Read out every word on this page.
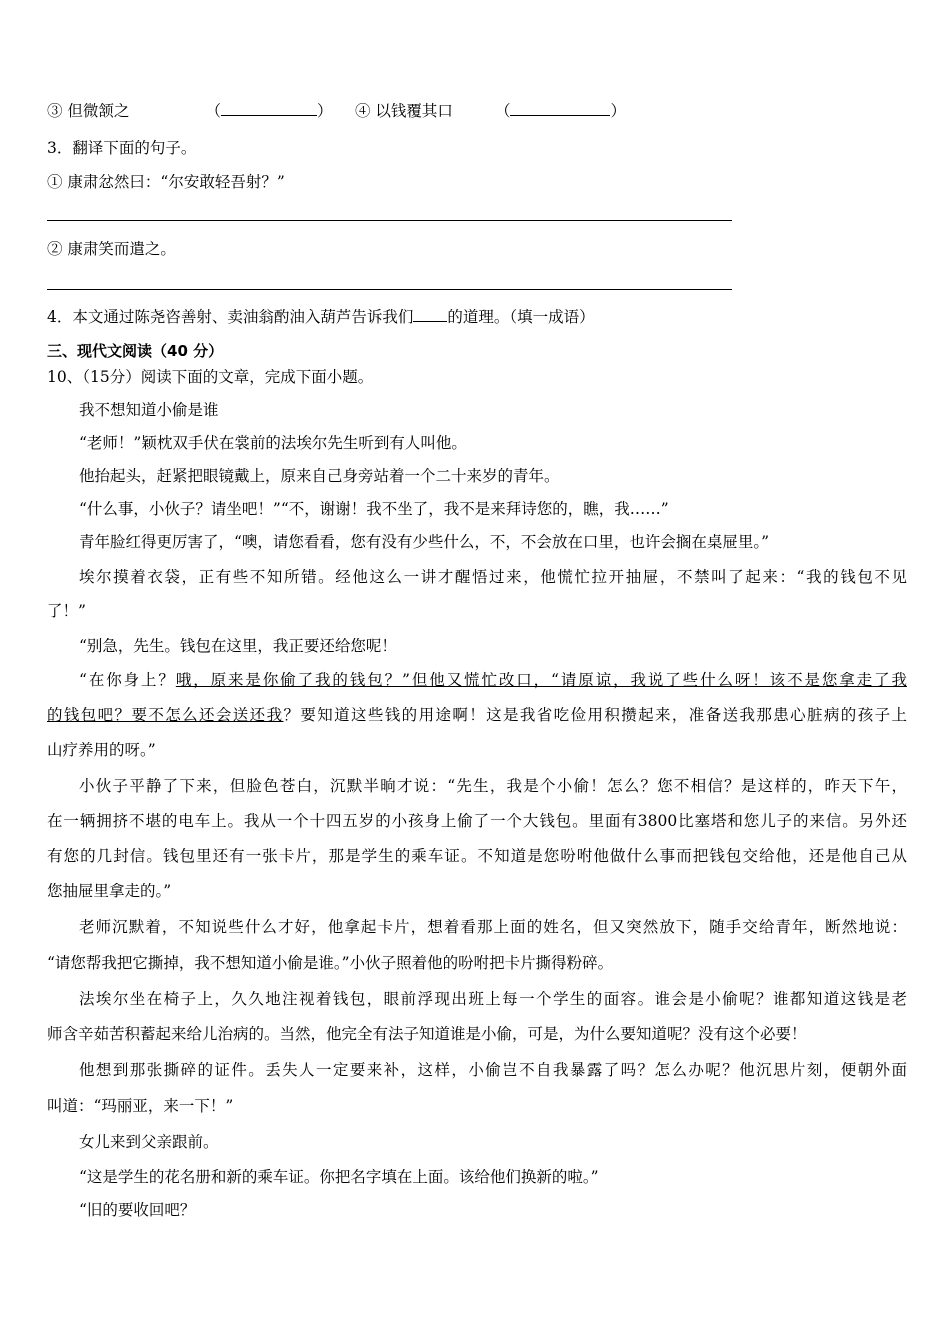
③ 但微颔之	（	） ④ 以钱覆其口	（	）
3．翻译下面的句子。
① 康肃忿然曰：“尔安敢轻吾射？”
② 康肃笑而遣之。
4．本文通过陈尧咨善射、卖油翁酌油入葫芦告诉我们 的道理。（填一成语）
三、现代文阅读（40 分）
10、（15分）阅读下面的文章，完成下面小题。
我不想知道小偷是谁
“老师！”颖枕双手伏在裳前的法埃尔先生听到有人叫他。
他抬起头，赶紧把眼镜戴上，原来自己身旁站着一个二十来岁的青年。
“什么事，小伙子？请坐吧！”“不，谢谢！我不坐了，我不是来拜诗您的，瞧，我……”
青年脸红得更厉害了，“噢，请您看看，您有没有少些什么，不，不会放在口里，也许会搁在桌屉里。”
埃尔摸着衣袋，正有些不知所错。经他这么一讲才醒悟过来，他慌忙拉开抽屉，不禁叫了起来：“我的钱包不见
了！”
“别急，先生。钱包在这里，我正要还给您呢！
“在你身上？哦，原来是你偷了我的钱包？”但他又慌忙改口，“请原谅，我说了些什么呀！该不是您拿走了我
的钱包吧？要不怎么还会送还我？要知道这些钱的用途啊！这是我省吃俭用积攒起来，准备送我那患心脏病的孩子上
山疗养用的呀。”
小伙子平静了下来，但脸色苍白，沉默半晌才说：“先生，我是个小偷！怎么？您不相信？是这样的，昨天下午，
在一辆拥挤不堪的电车上。我从一个十四五岁的小孩身上偷了一个大钱包。里面有3800比塞塔和您儿子的来信。另外还
有您的几封信。钱包里还有一张卡片，那是学生的乘车证。不知道是您吩咐他做什么事而把钱包交给他，还是他自己从
您抽屉里拿走的。”
老师沉默着，不知说些什么才好，他拿起卡片，想着看那上面的姓名，但又突然放下，随手交给青年，断然地说：
“请您帮我把它撕掉，我不想知道小偷是谁。”小伙子照着他的吩咐把卡片撕得粉碎。
法埃尔坐在椅子上，久久地注视着钱包，眼前浮现出班上每一个学生的面容。谁会是小偷呢？谁都知道这钱是老
师含辛茹苦积蓄起来给儿治病的。当然，他完全有法子知道谁是小偷，可是，为什么要知道呢？没有这个必要！
他想到那张撕碎的证件。丢失人一定要来补，这样，小偷岂不自我暴露了吗？怎么办呢？他沉思片刻，便朝外面
叫道：“玛丽亚，来一下！”
女儿来到父亲跟前。
“这是学生的花名册和新的乘车证。你把名字填在上面。该给他们换新的啦。”
“旧的要收回吧？
